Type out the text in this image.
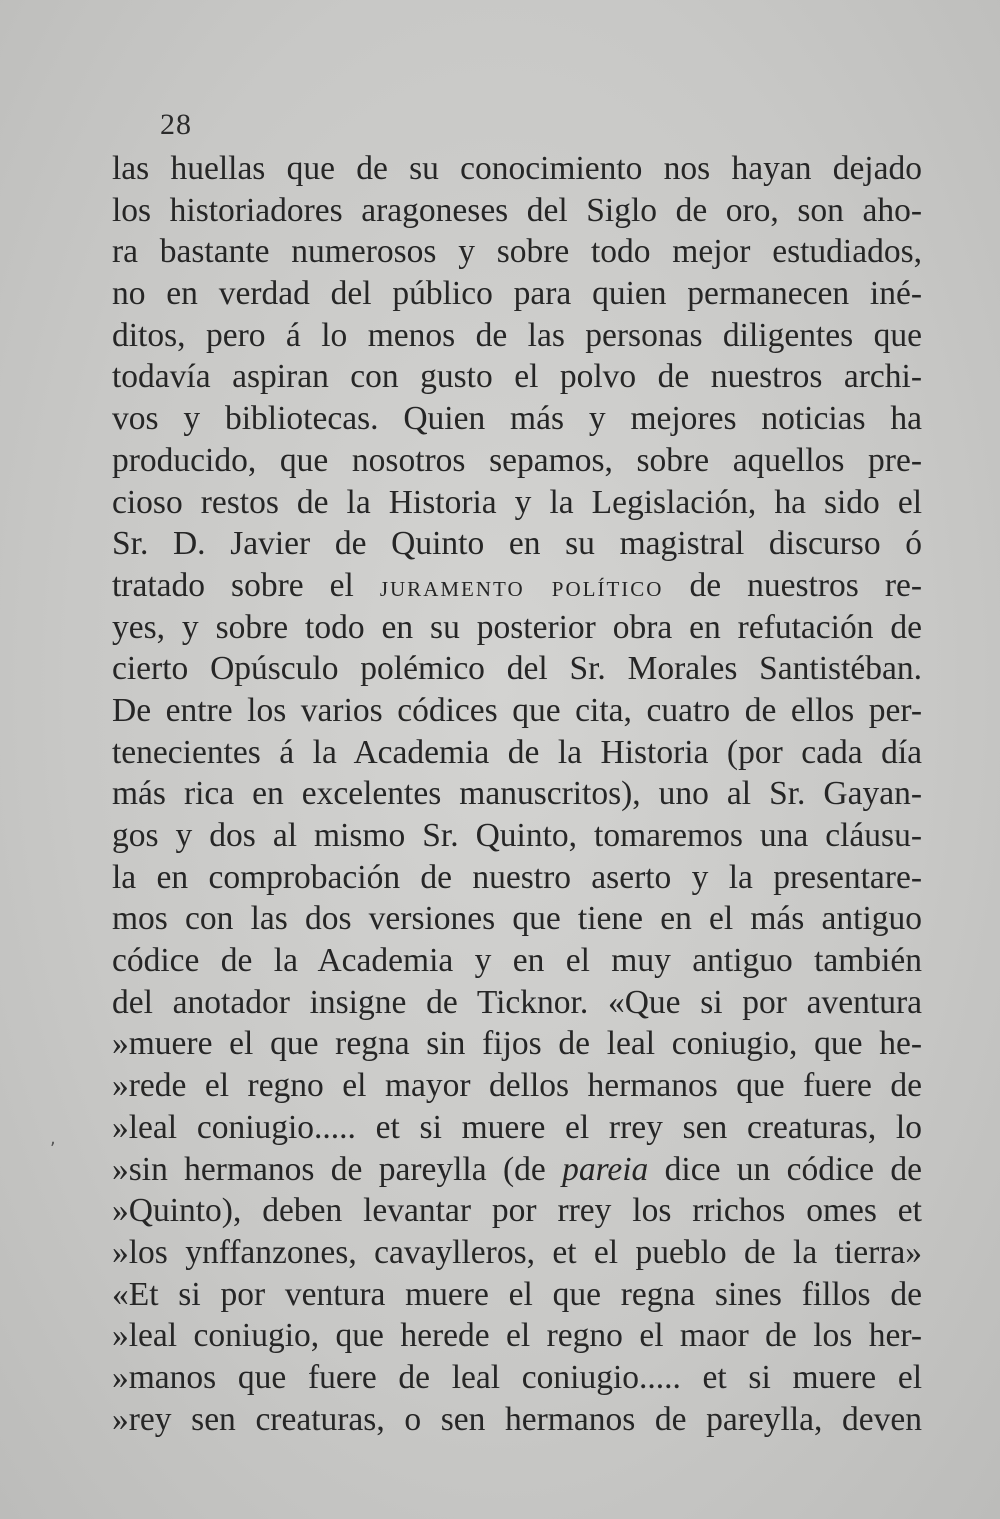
28
las huellas que de su conocimiento nos hayan dejado
los historiadores aragoneses del Siglo de oro, son aho-
ra bastante numerosos y sobre todo mejor estudiados,
no en verdad del público para quien permanecen iné-
ditos, pero á lo menos de las personas diligentes que
todavía aspiran con gusto el polvo de nuestros archi-
vos y bibliotecas. Quien más y mejores noticias ha
producido, que nosotros sepamos, sobre aquellos pre-
cioso restos de la Historia y la Legislación, ha sido el
Sr. D. Javier de Quinto en su magistral discurso ó
tratado sobre el juramento político de nuestros re-
yes, y sobre todo en su posterior obra en refutación de
cierto Opúsculo polémico del Sr. Morales Santistéban.
De entre los varios códices que cita, cuatro de ellos per-
tenecientes á la Academia de la Historia (por cada día
más rica en excelentes manuscritos), uno al Sr. Gayan-
gos y dos al mismo Sr. Quinto, tomaremos una cláusu-
la en comprobación de nuestro aserto y la presentare-
mos con las dos versiones que tiene en el más antiguo
códice de la Academia y en el muy antiguo también
del anotador insigne de Ticknor. «Que si por aventura
»muere el que regna sin fijos de leal coniugio, que he-
»rede el regno el mayor dellos hermanos que fuere de
»leal coniugio..... et si muere el rrey sen creaturas, lo
»sin hermanos de pareylla (de pareia dice un códice de
»Quinto), deben levantar por rrey los rrichos omes et
»los ynffanzones, cavaylleros, et el pueblo de la tierra»
«Et si por ventura muere el que regna sines fillos de
»leal coniugio, que herede el regno el maor de los her-
»manos que fuere de leal coniugio..... et si muere el
»rey sen creaturas, o sen hermanos de pareylla, deven
,
